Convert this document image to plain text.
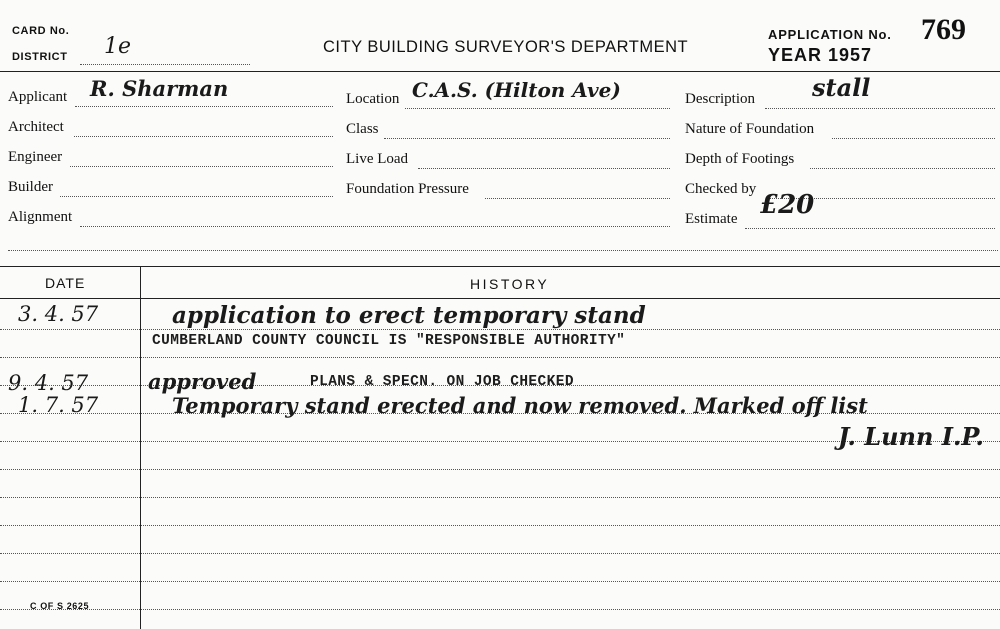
CARD No.
DISTRICT 1e	CITY BUILDING SURVEYOR'S DEPARTMENT
APPLICATION No. 769
YEAR 1957
Applicant R. Sharman
Architect
Engineer
Builder
Alignment
Location C.A.S. (Hilton Ave)
Class
Live Load
Foundation Pressure
Description stall
Nature of Foundation
Depth of Footings
Checked by
Estimate £20
DATE	HISTORY
3. 4. 57	application to erect temporary stand
CUMBERLAND COUNTY COUNCIL IS "RESPONSIBLE AUTHORITY"
9. 4. 57	approved	PLANS & SPECN. ON JOB CHECKED
1. 7. 57	Temporary stand erected and now removed. Marked off list
J. Lunn I.P.
C OF S 2625
